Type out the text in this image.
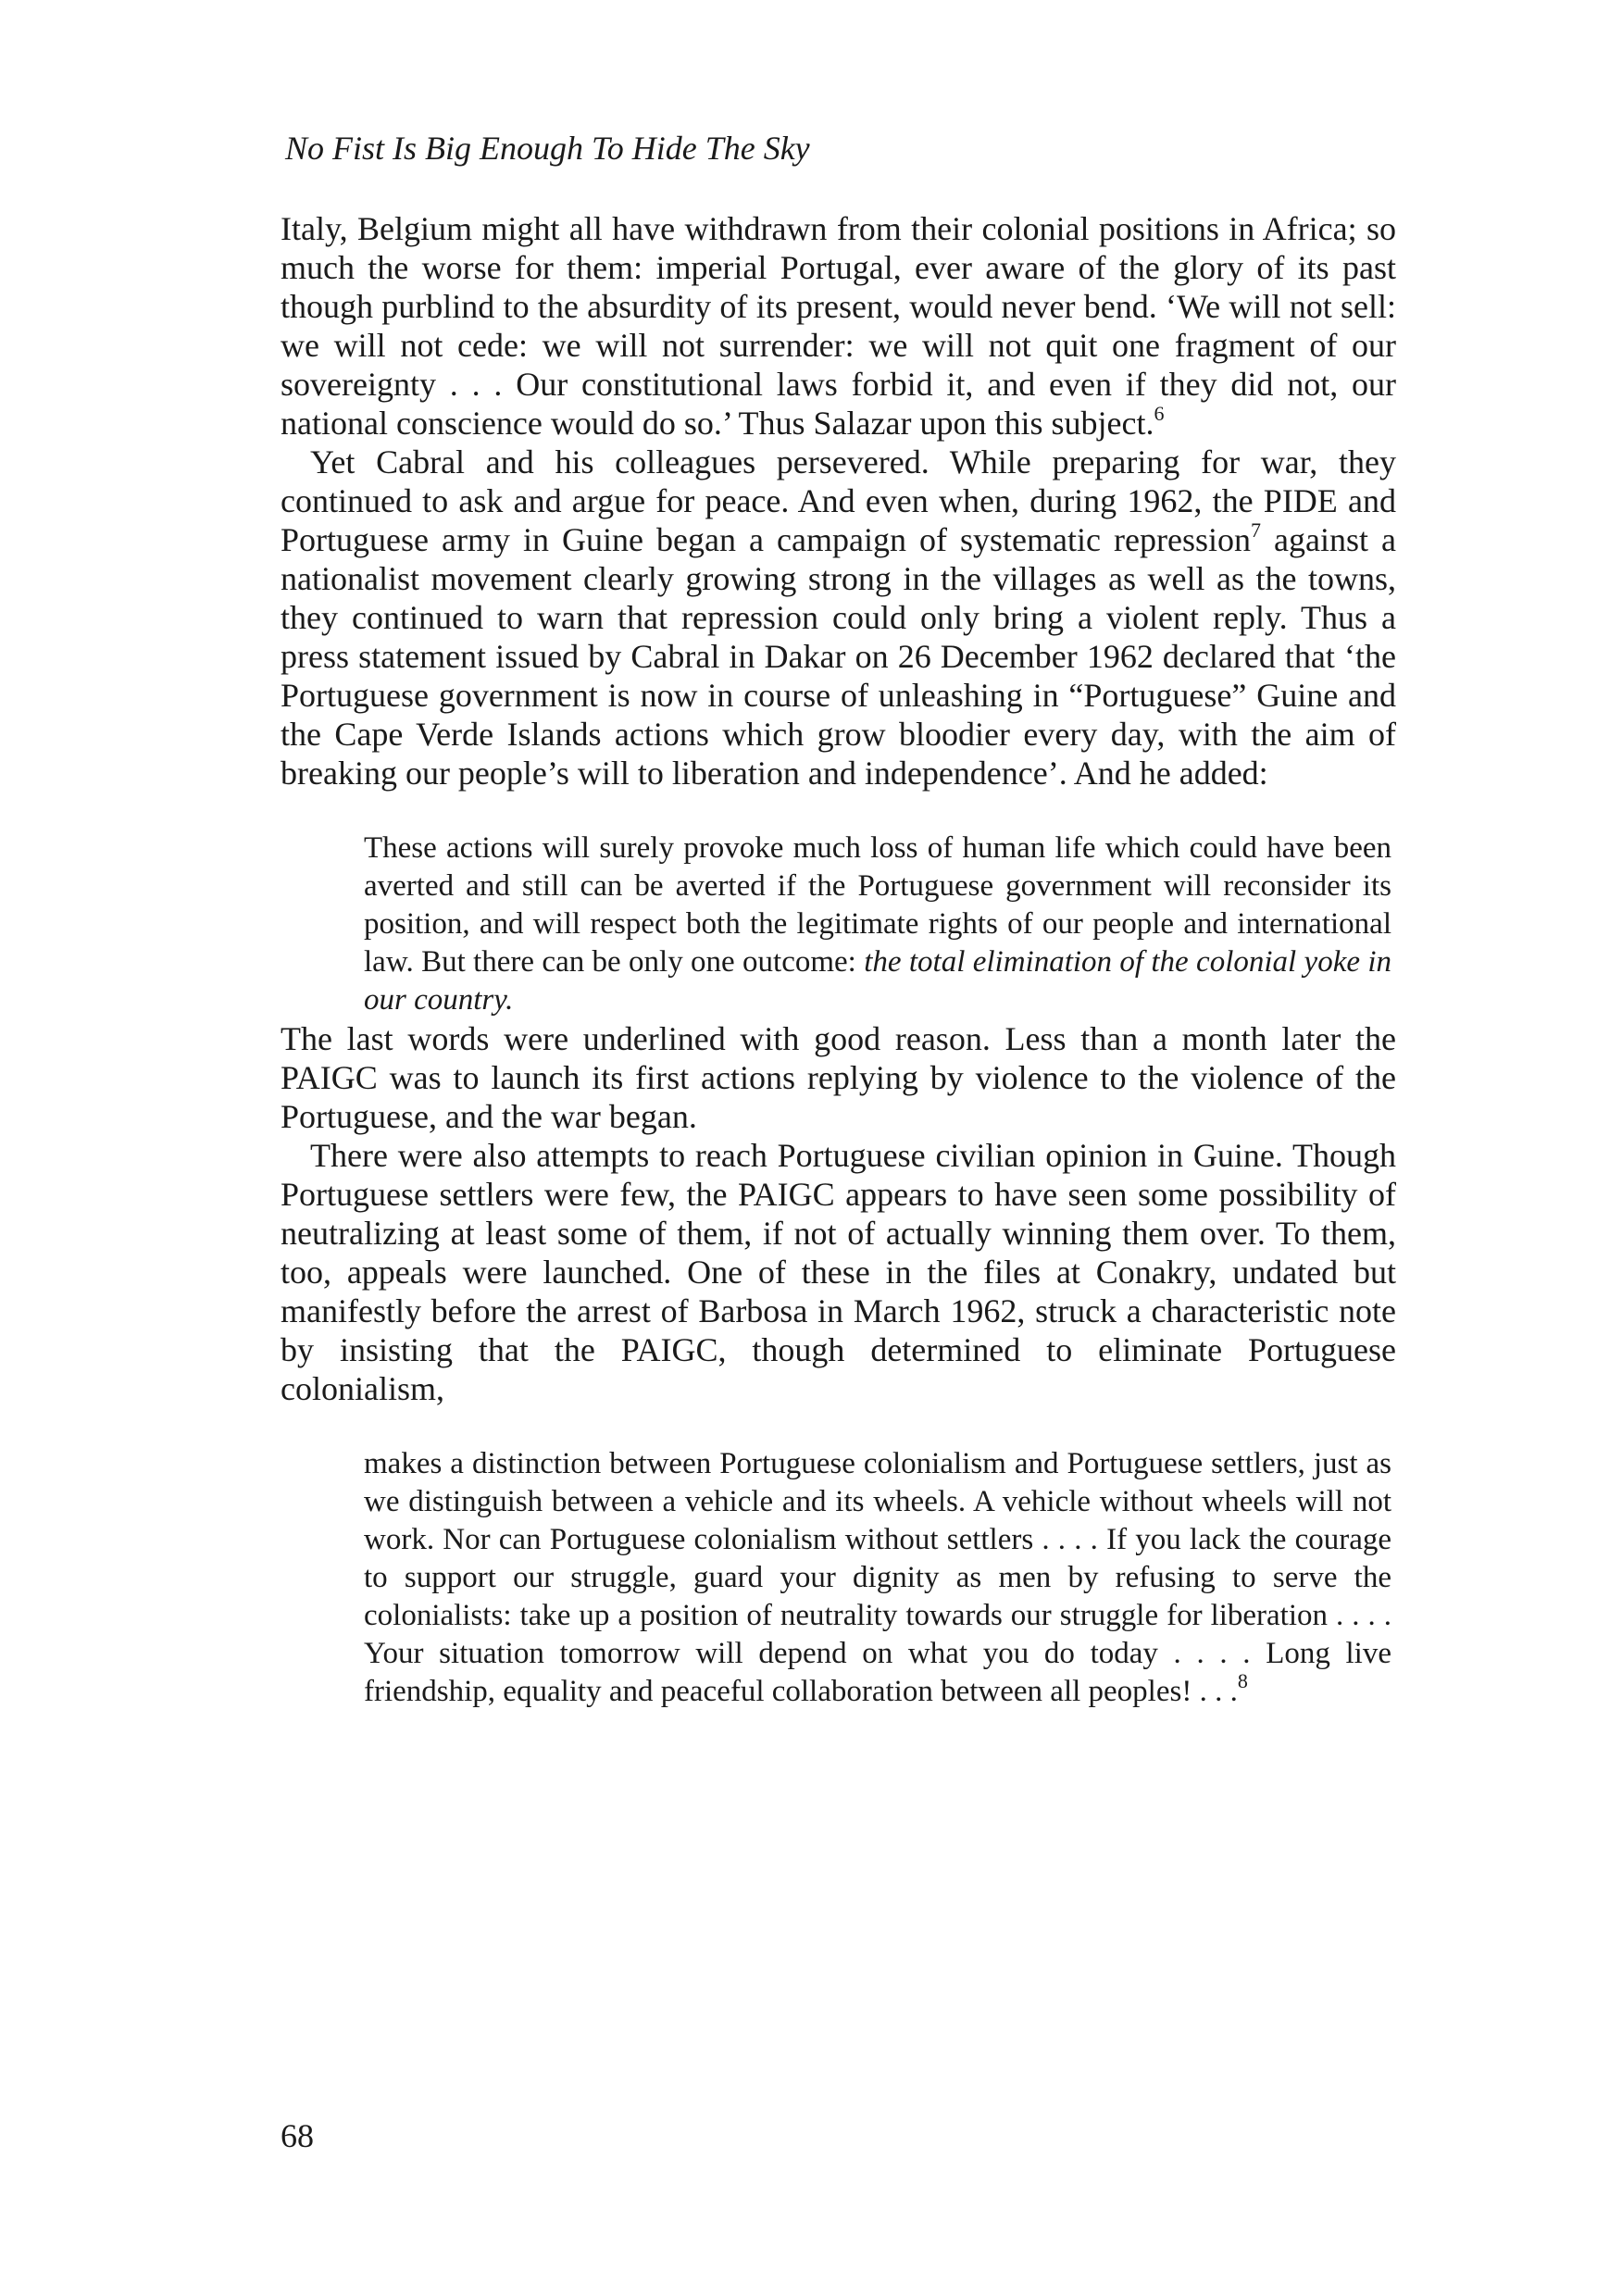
No Fist Is Big Enough To Hide The Sky

Italy, Belgium might all have withdrawn from their colonial positions in Africa; so much the worse for them: imperial Portugal, ever aware of the glory of its past though purblind to the absurdity of its present, would never bend. ‘We will not sell: we will not cede: we will not surrender: we will not quit one fragment of our sovereignty . . . Our constitutional laws forbid it, and even if they did not, our national conscience would do so.’ Thus Salazar upon this subject.$^6$

Yet Cabral and his colleagues persevered. While preparing for war, they continued to ask and argue for peace. And even when, during 1962, the PIDE and Portuguese army in Guine began a campaign of systematic repression$^7$ against a nationalist movement clearly growing strong in the villages as well as the towns, they continued to warn that repression could only bring a violent reply. Thus a press statement issued by Cabral in Dakar on 26 December 1962 declared that ‘the Portuguese government is now in course of unleashing in “Portuguese” Guine and the Cape Verde Islands actions which grow bloodier every day, with the aim of breaking our people’s will to liberation and independence’. And he added:

These actions will surely provoke much loss of human life which could have been averted and still can be averted if the Portuguese government will reconsider its position, and will respect both the legitimate rights of our people and international law. But there can be only one outcome: the total elimination of the colonial yoke in our country.

The last words were underlined with good reason. Less than a month later the PAIGC was to launch its first actions replying by violence to the violence of the Portuguese, and the war began.

There were also attempts to reach Portuguese civilian opinion in Guine. Though Portuguese settlers were few, the PAIGC appears to have seen some possibility of neutralizing at least some of them, if not of actually winning them over. To them, too, appeals were launched. One of these in the files at Conakry, undated but manifestly before the arrest of Barbosa in March 1962, struck a characteristic note by insisting that the PAIGC, though determined to eliminate Portuguese colonialism,

makes a distinction between Portuguese colonialism and Portuguese settlers, just as we distinguish between a vehicle and its wheels. A vehicle without wheels will not work. Nor can Portuguese colonialism without settlers . . . . If you lack the courage to support our struggle, guard your dignity as men by refusing to serve the colonialists: take up a position of neutrality towards our struggle for liberation . . . . Your situation tomorrow will depend on what you do today . . . . Long live friendship, equality and peaceful collaboration between all peoples! . . .$^8$
68
